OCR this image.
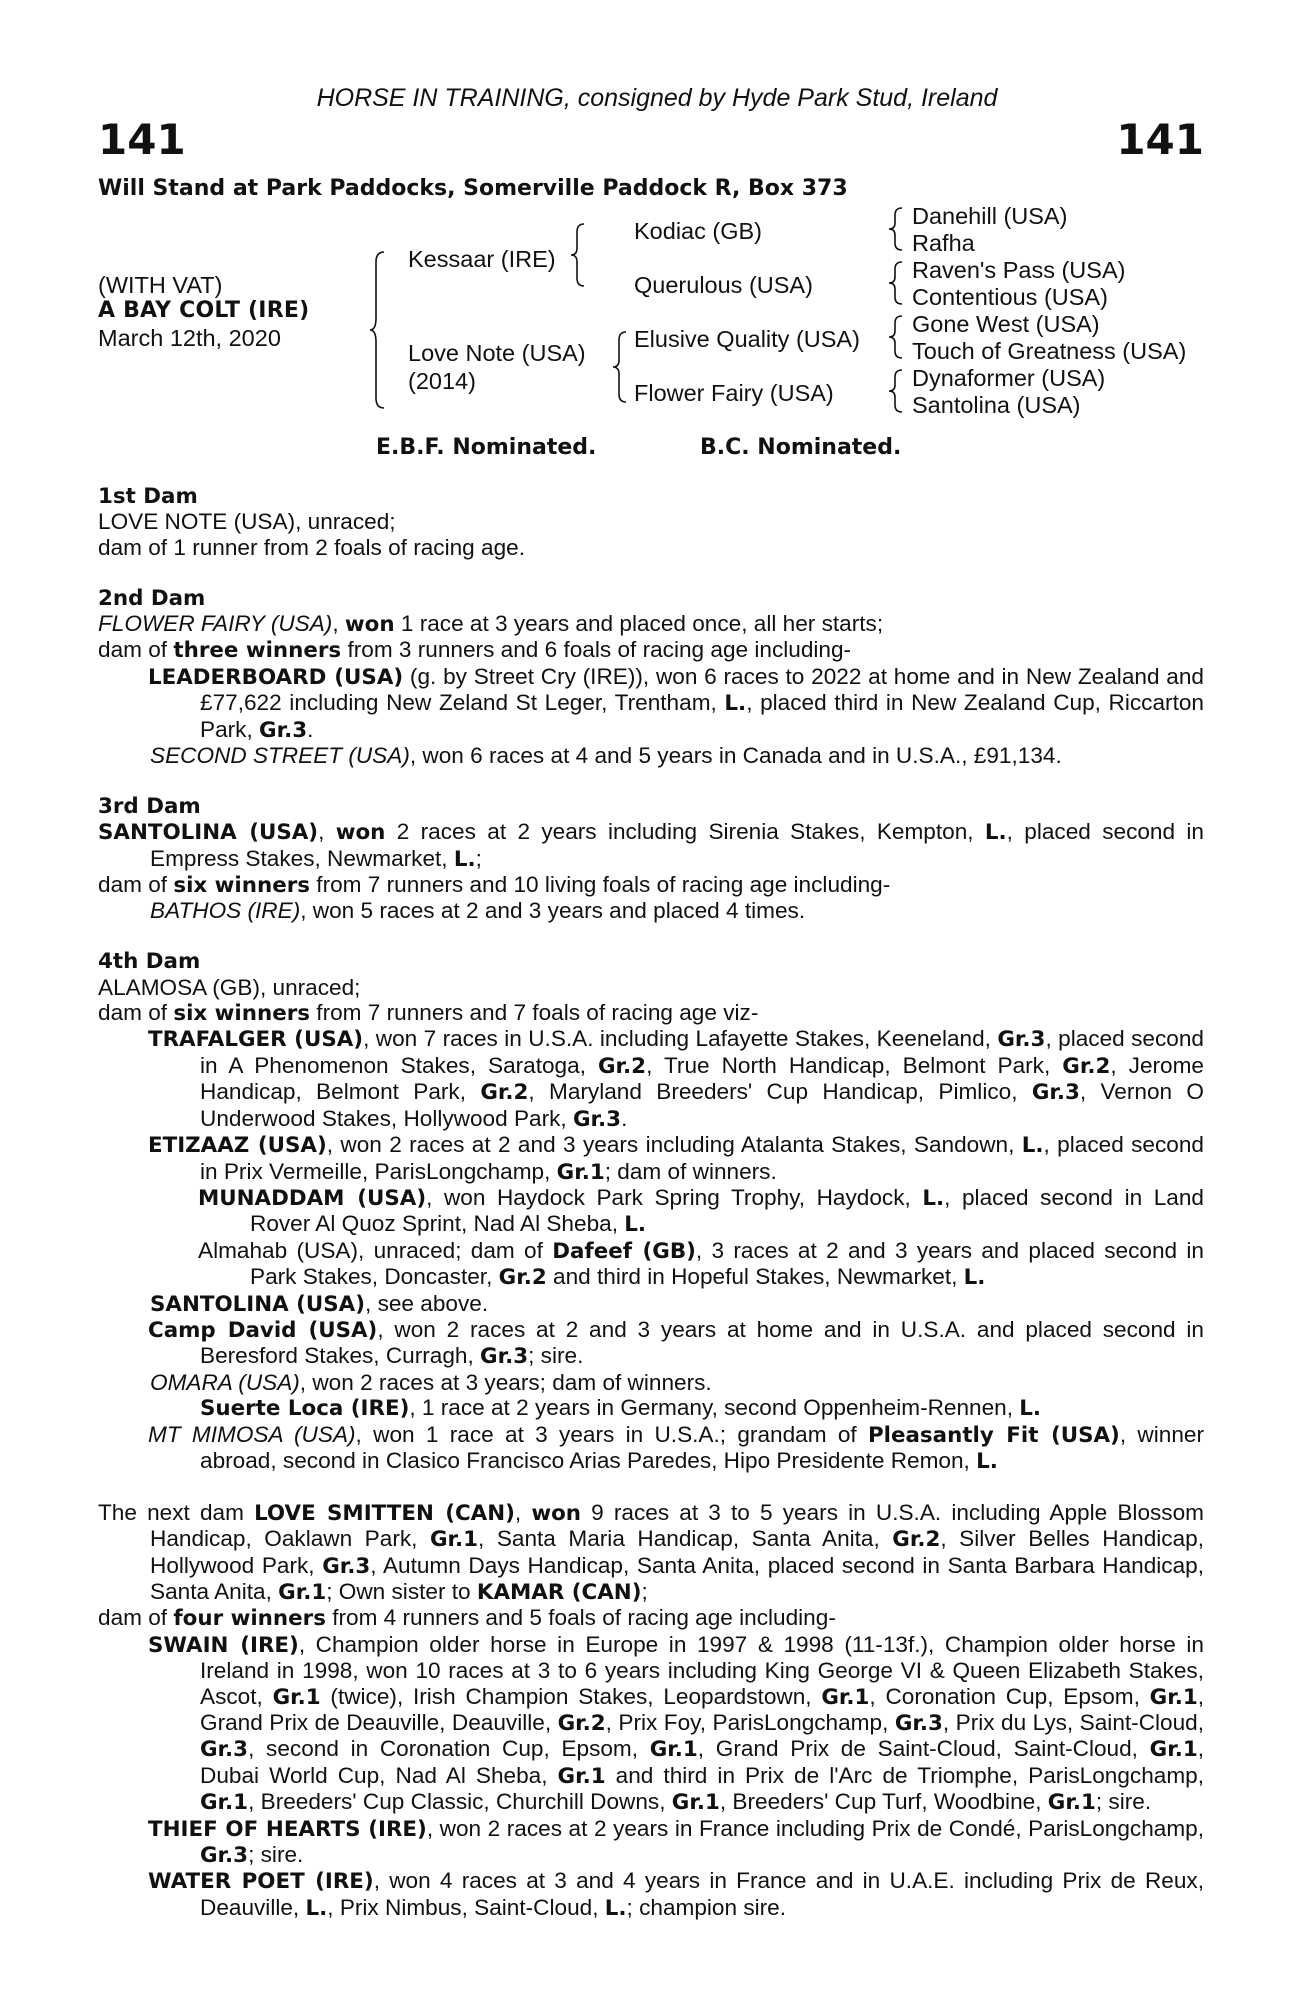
HORSE IN TRAINING, consigned by Hyde Park Stud, Ireland
141	141
Will Stand at Park Paddocks, Somerville Paddock R, Box 373
(WITH VAT)
A BAY COLT (IRE)
March 12th, 2020
Kessaar (IRE)
Love Note (USA)
(2014)
Kodiac (GB)
Querulous (USA)
Elusive Quality (USA)
Flower Fairy (USA)
Danehill (USA)
Rafha
Raven's Pass (USA)
Contentious (USA)
Gone West (USA)
Touch of Greatness (USA)
Dynaformer (USA)
Santolina (USA)
E.B.F. Nominated.	B.C. Nominated.

1st Dam

LOVE NOTE (USA), unraced;

dam of 1 runner from 2 foals of racing age.

2nd Dam

FLOWER FAIRY (USA), won 1 race at 3 years and placed once, all her starts;

dam of three winners from 3 runners and 6 foals of racing age including-

LEADERBOARD (USA) (g. by Street Cry (IRE)), won 6 races to 2022 at home and in New Zealand and £77,622 including New Zeland St Leger, Trentham, L., placed third in New Zealand Cup, Riccarton Park, Gr.3.

SECOND STREET (USA), won 6 races at 4 and 5 years in Canada and in U.S.A., £91,134.

3rd Dam

SANTOLINA (USA), won 2 races at 2 years including Sirenia Stakes, Kempton, L., placed second in Empress Stakes, Newmarket, L.;

dam of six winners from 7 runners and 10 living foals of racing age including-

BATHOS (IRE), won 5 races at 2 and 3 years and placed 4 times.

4th Dam

ALAMOSA (GB), unraced;

dam of six winners from 7 runners and 7 foals of racing age viz-

TRAFALGER (USA), won 7 races in U.S.A. including Lafayette Stakes, Keeneland, Gr.3, placed second in A Phenomenon Stakes, Saratoga, Gr.2, True North Handicap, Belmont Park, Gr.2, Jerome Handicap, Belmont Park, Gr.2, Maryland Breeders' Cup Handicap, Pimlico, Gr.3, Vernon O Underwood Stakes, Hollywood Park, Gr.3.

ETIZAAZ (USA), won 2 races at 2 and 3 years including Atalanta Stakes, Sandown, L., placed second in Prix Vermeille, ParisLongchamp, Gr.1; dam of winners.

MUNADDAM (USA), won Haydock Park Spring Trophy, Haydock, L., placed second in Land Rover Al Quoz Sprint, Nad Al Sheba, L.

Almahab (USA), unraced; dam of Dafeef (GB), 3 races at 2 and 3 years and placed second in Park Stakes, Doncaster, Gr.2 and third in Hopeful Stakes, Newmarket, L.

SANTOLINA (USA), see above.

Camp David (USA), won 2 races at 2 and 3 years at home and in U.S.A. and placed second in Beresford Stakes, Curragh, Gr.3; sire.

OMARA (USA), won 2 races at 3 years; dam of winners.

Suerte Loca (IRE), 1 race at 2 years in Germany, second Oppenheim-Rennen, L.

MT MIMOSA (USA), won 1 race at 3 years in U.S.A.; grandam of Pleasantly Fit (USA), winner abroad, second in Clasico Francisco Arias Paredes, Hipo Presidente Remon, L.

The next dam LOVE SMITTEN (CAN), won 9 races at 3 to 5 years in U.S.A. including Apple Blossom Handicap, Oaklawn Park, Gr.1, Santa Maria Handicap, Santa Anita, Gr.2, Silver Belles Handicap, Hollywood Park, Gr.3, Autumn Days Handicap, Santa Anita, placed second in Santa Barbara Handicap, Santa Anita, Gr.1; Own sister to KAMAR (CAN);

dam of four winners from 4 runners and 5 foals of racing age including-

SWAIN (IRE), Champion older horse in Europe in 1997 & 1998 (11-13f.), Champion older horse in Ireland in 1998, won 10 races at 3 to 6 years including King George VI & Queen Elizabeth Stakes, Ascot, Gr.1 (twice), Irish Champion Stakes, Leopardstown, Gr.1, Coronation Cup, Epsom, Gr.1, Grand Prix de Deauville, Deauville, Gr.2, Prix Foy, ParisLongchamp, Gr.3, Prix du Lys, Saint-Cloud, Gr.3, second in Coronation Cup, Epsom, Gr.1, Grand Prix de Saint-Cloud, Saint-Cloud, Gr.1, Dubai World Cup, Nad Al Sheba, Gr.1 and third in Prix de l'Arc de Triomphe, ParisLongchamp, Gr.1, Breeders' Cup Classic, Churchill Downs, Gr.1, Breeders' Cup Turf, Woodbine, Gr.1; sire.

THIEF OF HEARTS (IRE), won 2 races at 2 years in France including Prix de Condé, ParisLongchamp, Gr.3; sire.

WATER POET (IRE), won 4 races at 3 and 4 years in France and in U.A.E. including Prix de Reux, Deauville, L., Prix Nimbus, Saint-Cloud, L.; champion sire.
